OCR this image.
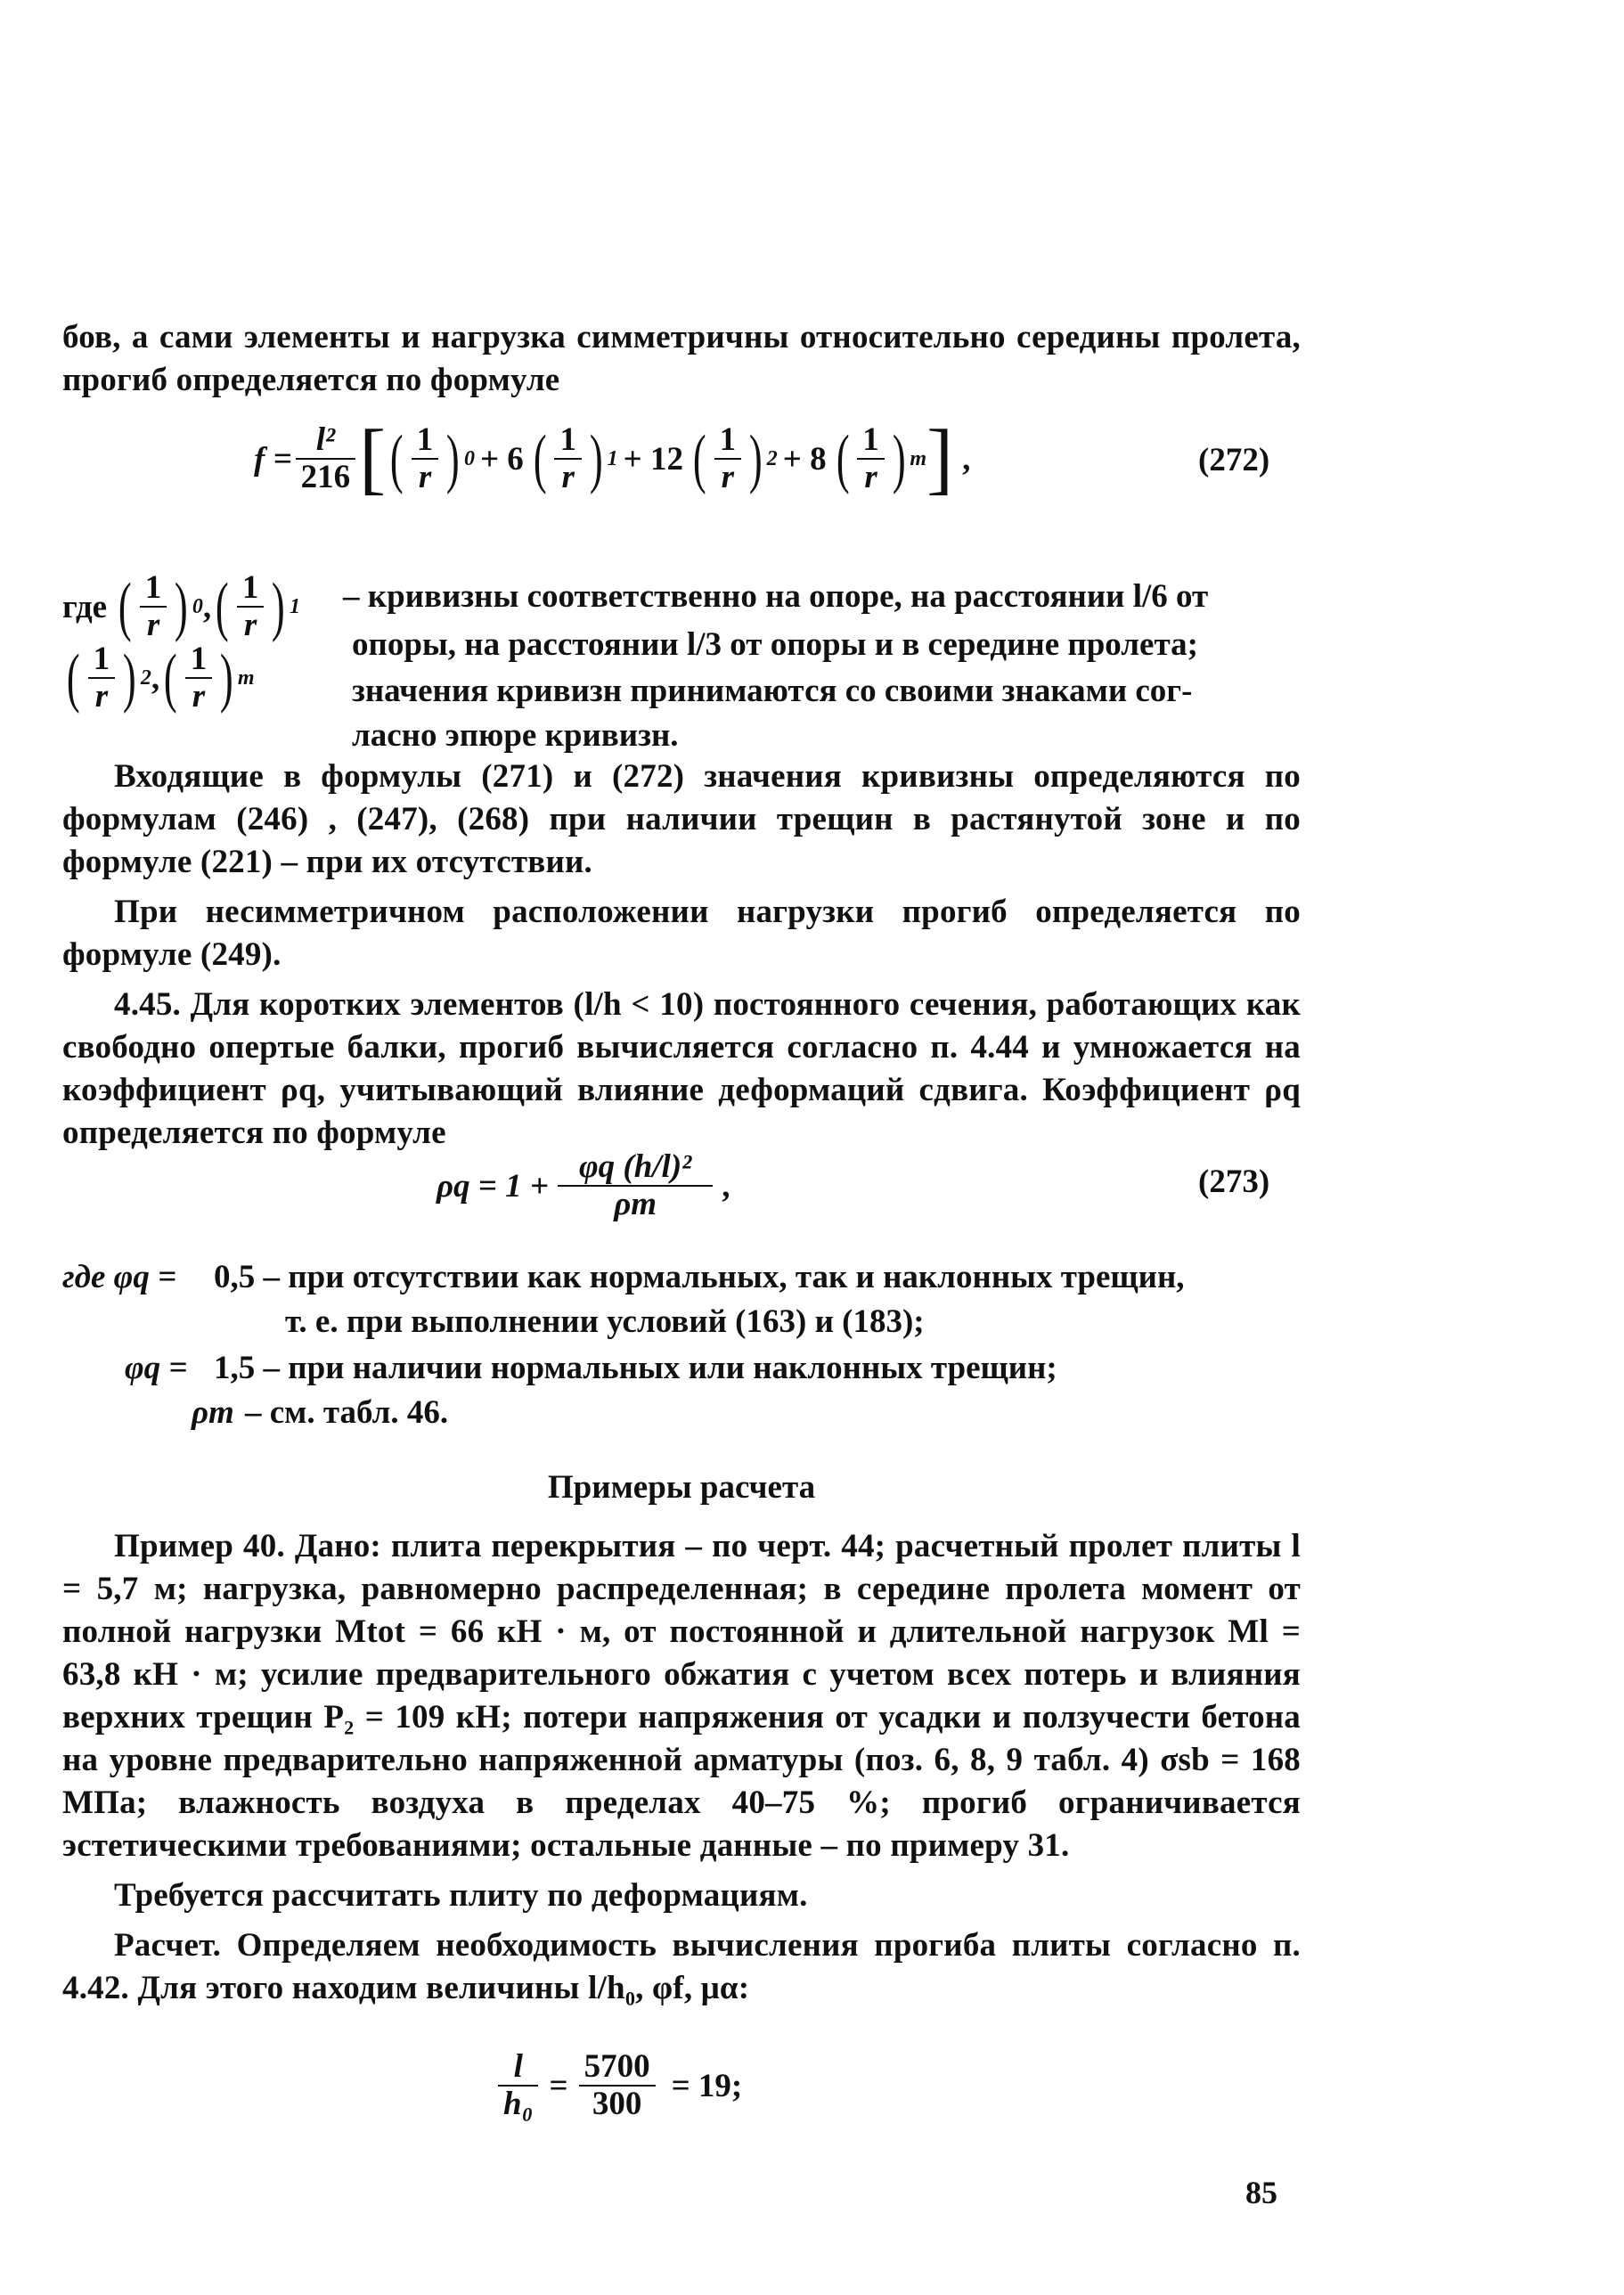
бов, а сами элементы и нагрузка симметричны относительно середины пролета, прогиб определяется по формуле

$f = \frac{\text{l²}}{216}$ [ ( $\frac{1}{r}$ ) 0 + 6 ( $\frac{1}{r}$ ) 1 + 12 ( $\frac{1}{r}$ ) 2 + 8 ( $\frac{1}{r}$ ) m ] ,	(272)
где ( $\frac{1}{r}$ ) 0 , ( $\frac{1}{r}$ ) 1
( $\frac{1}{r}$ ) 2 , ( $\frac{1}{r}$ ) m
– кривизны соответственно на опоре, на расстоянии l/6 от
опоры, на расстоянии l/3 от опоры и в середине пролета;
значения кривизн принимаются со своими знаками сог-
ласно эпюре кривизн.

Входящие в формулы (271) и (272) значения кривизны определяются по формулам (246) , (247), (268) при наличии трещин в растянутой зоне и по формуле (221) – при их отсутствии.

При несимметричном расположении нагрузки прогиб определяется по формуле (249).

4.45. Для коротких элементов (l/h < 10) постоянного сечения, работающих как свободно опертые балки, прогиб вычисляется согласно п. 4.44 и умножается на коэффициент ρq, учитывающий влияние деформаций сдвига. Коэффициент ρq определяется по формуле

$\rho q = 1 + \frac{\text{φq (h/l)²}}{\rho m}$ ,	(273)
где φq = 0,5 – при отсутствии как нормальных, так и наклонных трещин,
т. е. при выполнении условий (163) и (183);
φq = 1,5 – при наличии нормальных или наклонных трещин;
ρm – см. табл. 46.
Примеры расчета

Пример 40. Дано: плита перекрытия – по черт. 44; расчетный пролет плиты l = 5,7 м; нагрузка, равномерно распределенная; в середине пролета момент от полной нагрузки Mtot = 66 кН · м, от постоянной и длительной нагрузок Ml = 63,8 кН · м; усилие предварительного обжатия с учетом всех потерь и влияния верхних трещин P₂ = 109 кН; потери напряжения от усадки и ползучести бетона на уровне предварительно напряженной арматуры (поз. 6, 8, 9 табл. 4) σsb = 168 МПа; влажность воздуха в пределах 40–75 %; прогиб ограничивается эстетическими требованиями; остальные данные – по примеру 31.

Требуется рассчитать плиту по деформациям.

Расчет. Определяем необходимость вычисления прогиба плиты согласно п. 4.42. Для этого находим величины l/h₀, φf, μα:

$\frac{l}{\text{h₀}} = \frac{5700}{300} = 19$;
85
